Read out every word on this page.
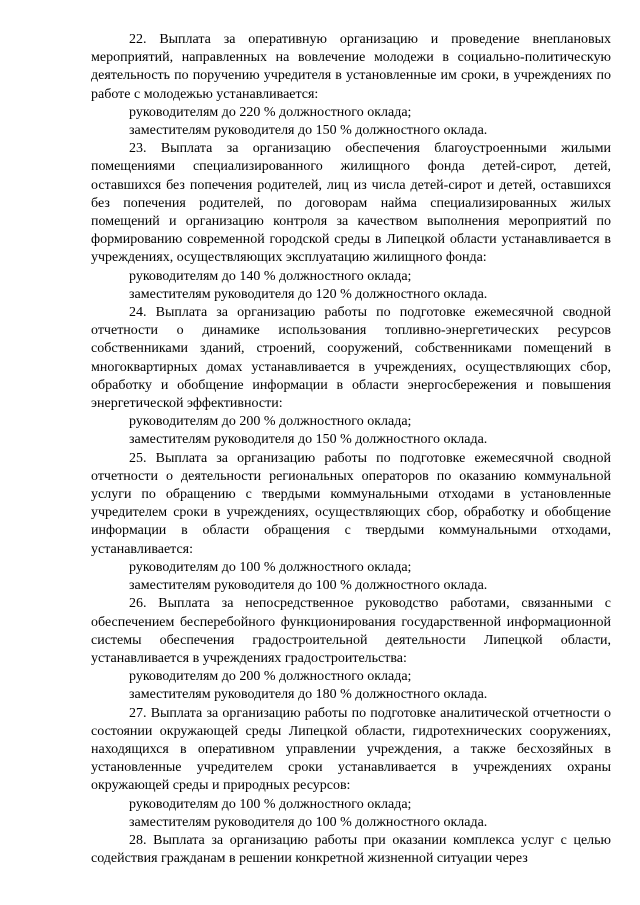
22. Выплата за оперативную организацию и проведение внеплановых мероприятий, направленных на вовлечение молодежи в социально-политическую деятельность по поручению учредителя в установленные им сроки, в учреждениях по работе с молодежью устанавливается:

руководителям до 220 % должностного оклада;

заместителям руководителя до 150 % должностного оклада.

23. Выплата за организацию обеспечения благоустроенными жилыми помещениями специализированного жилищного фонда детей-сирот, детей, оставшихся без попечения родителей, лиц из числа детей-сирот и детей, оставшихся без попечения родителей, по договорам найма специализированных жилых помещений и организацию контроля за качеством выполнения мероприятий по формированию современной городской среды в Липецкой области устанавливается в учреждениях, осуществляющих эксплуатацию жилищного фонда:

руководителям до 140 % должностного оклада;

заместителям руководителя до 120 % должностного оклада.

24. Выплата за организацию работы по подготовке ежемесячной сводной отчетности о динамике использования топливно-энергетических ресурсов собственниками зданий, строений, сооружений, собственниками помещений в многоквартирных домах устанавливается в учреждениях, осуществляющих сбор, обработку и обобщение информации в области энергосбережения и повышения энергетической эффективности:

руководителям до 200 % должностного оклада;

заместителям руководителя до 150 % должностного оклада.

25. Выплата за организацию работы по подготовке ежемесячной сводной отчетности о деятельности региональных операторов по оказанию коммунальной услуги по обращению с твердыми коммунальными отходами в установленные учредителем сроки в учреждениях, осуществляющих сбор, обработку и обобщение информации в области обращения с твердыми коммунальными отходами, устанавливается:

руководителям до 100 % должностного оклада;

заместителям руководителя до 100 % должностного оклада.

26. Выплата за непосредственное руководство работами, связанными с обеспечением бесперебойного функционирования государственной информационной системы обеспечения градостроительной деятельности Липецкой области, устанавливается в учреждениях градостроительства:

руководителям до 200 % должностного оклада;

заместителям руководителя до 180 % должностного оклада.

27. Выплата за организацию работы по подготовке аналитической отчетности о состоянии окружающей среды Липецкой области, гидротехнических сооружениях, находящихся в оперативном управлении учреждения, а также бесхозяйных в установленные учредителем сроки устанавливается в учреждениях охраны окружающей среды и природных ресурсов:

руководителям до 100 % должностного оклада;

заместителям руководителя до 100 % должностного оклада.

28. Выплата за организацию работы при оказании комплекса услуг с целью содействия гражданам в решении конкретной жизненной ситуации через
